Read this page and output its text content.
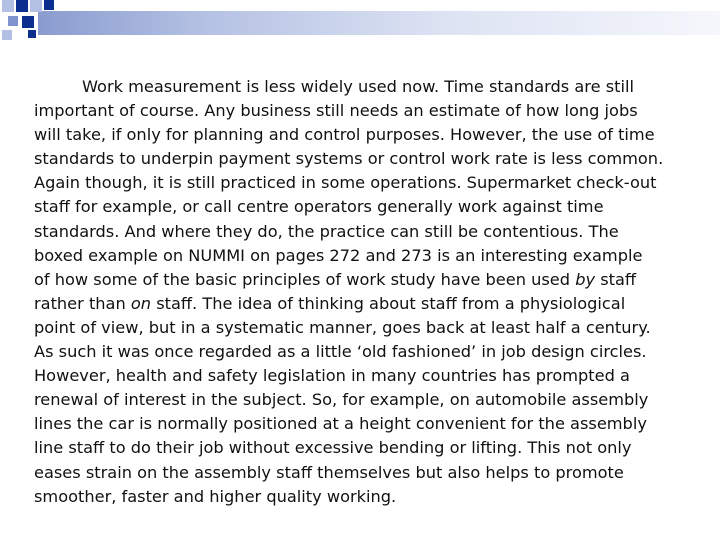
Work measurement is less widely used now. Time standards are still
important of course. Any business still needs an estimate of how long jobs
will take, if only for planning and control purposes. However, the use of time
standards to underpin payment systems or control work rate is less common.
Again though, it is still practiced in some operations. Supermarket check-out
staff for example, or call centre operators generally work against time
standards. And where they do, the practice can still be contentious. The
boxed example on NUMMI on pages 272 and 273 is an interesting example
of how some of the basic principles of work study have been used by staff
rather than on staff. The idea of thinking about staff from a physiological
point of view, but in a systematic manner, goes back at least half a century.
As such it was once regarded as a little ‘old fashioned’ in job design circles.
However, health and safety legislation in many countries has prompted a
renewal of interest in the subject. So, for example, on automobile assembly
lines the car is normally positioned at a height convenient for the assembly
line staff to do their job without excessive bending or lifting. This not only
eases strain on the assembly staff themselves but also helps to promote
smoother, faster and higher quality working.
